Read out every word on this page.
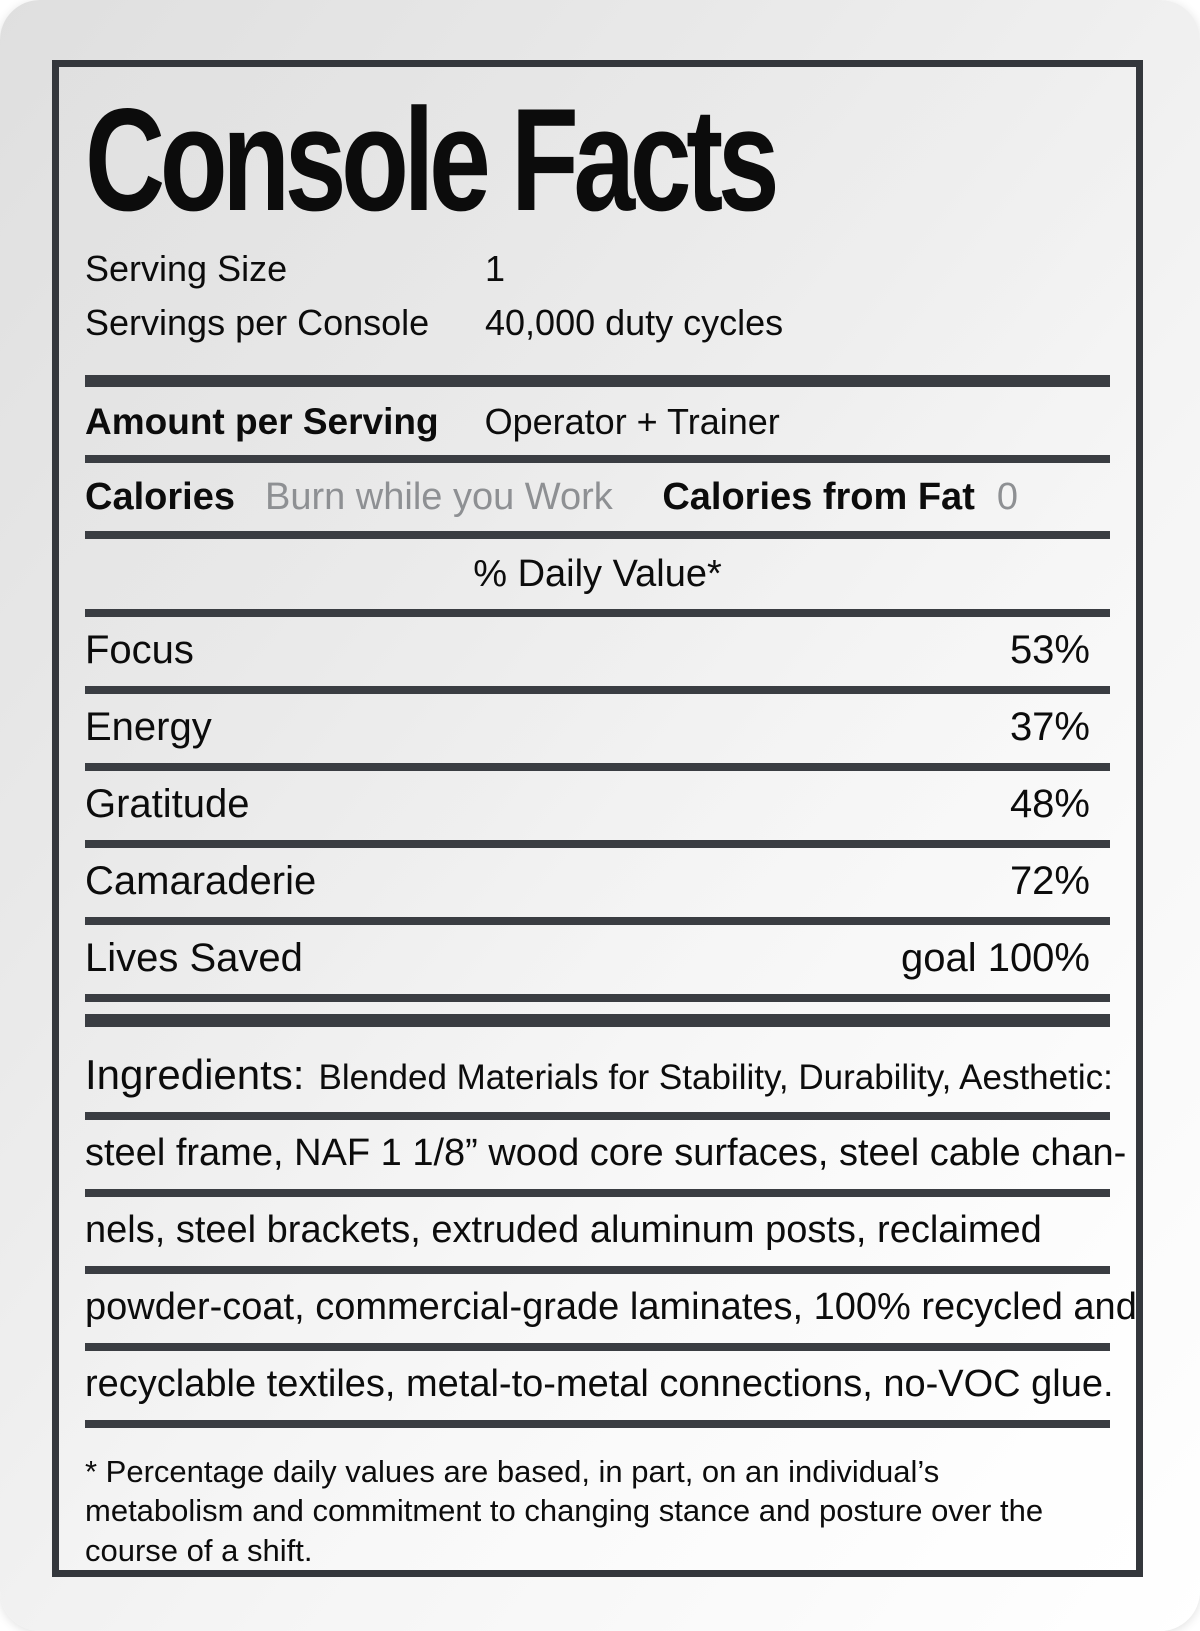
Console Facts
Serving Size	1
Servings per Console	40,000 duty cycles
Amount per Serving Operator + Trainer
Calories Burn while you Work Calories from Fat 0
% Daily Value*
Focus	53%
Energy	37%
Gratitude	48%
Camaraderie	72%
Lives Saved	goal 100%
Ingredients: Blended Materials for Stability, Durability, Aesthetic:
steel frame, NAF 1 1/8” wood core surfaces, steel cable chan-
nels, steel brackets, extruded aluminum posts, reclaimed
powder-coat, commercial-grade laminates, 100% recycled and
recyclable textiles, metal-to-metal connections, no-VOC glue.
* Percentage daily values are based, in part, on an individual’s metabolism and commitment to changing stance and posture over the course of a shift.
